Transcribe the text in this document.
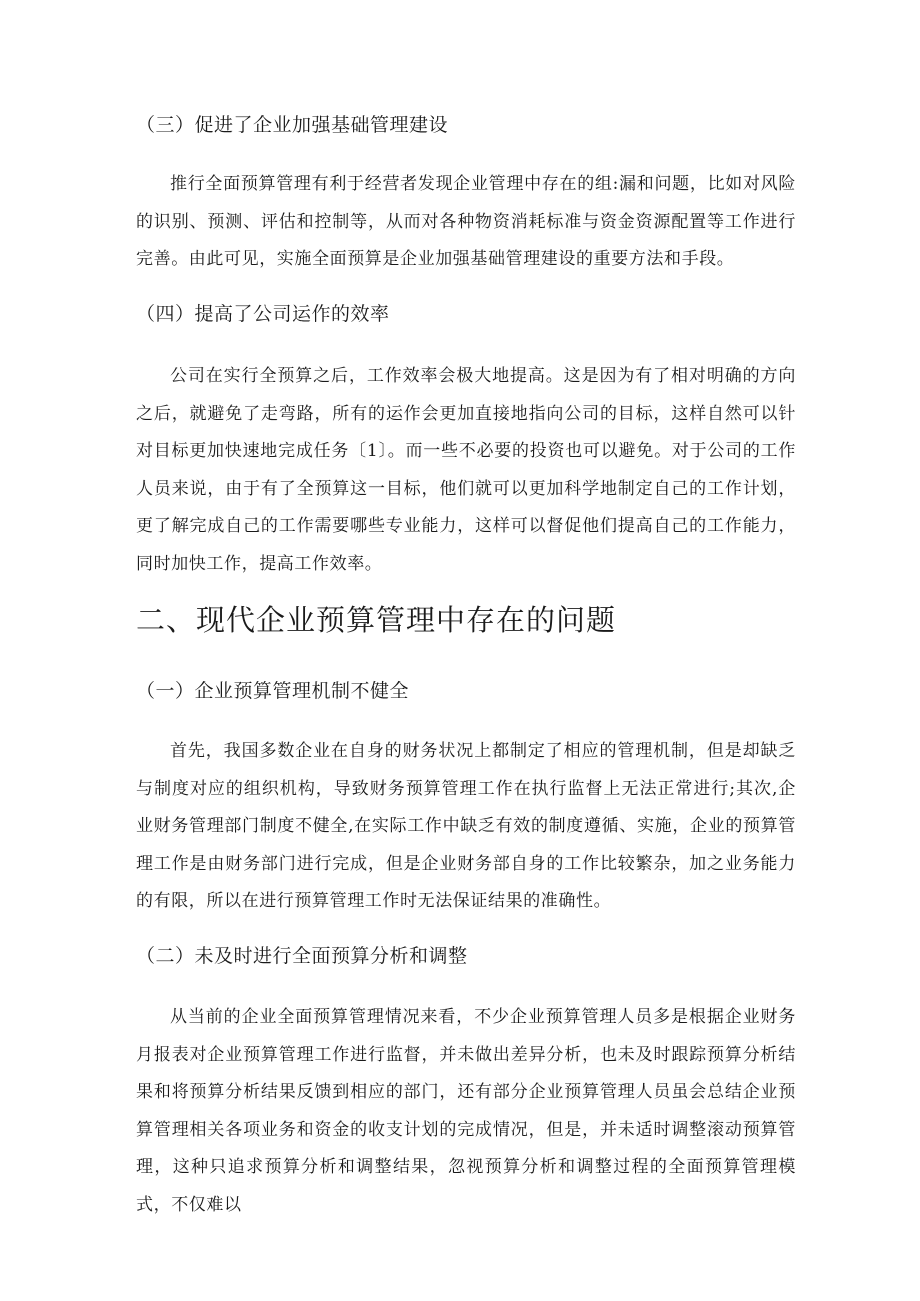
（三）促进了企业加强基础管理建设

推行全面预算管理有利于经营者发现企业管理中存在的组:漏和问题，比如对风险的识别、预测、评估和控制等，从而对各种物资消耗标准与资金资源配置等工作进行完善。由此可见，实施全面预算是企业加强基础管理建设的重要方法和手段。

（四）提高了公司运作的效率

公司在实行全预算之后，工作效率会极大地提高。这是因为有了相对明确的方向之后，就避免了走弯路，所有的运作会更加直接地指向公司的目标，这样自然可以针对目标更加快速地完成任务〔1〕。而一些不必要的投资也可以避免。对于公司的工作人员来说，由于有了全预算这一目标，他们就可以更加科学地制定自己的工作计划，更了解完成自己的工作需要哪些专业能力，这样可以督促他们提高自己的工作能力，同时加快工作，提高工作效率。

二、现代企业预算管理中存在的问题
（一）企业预算管理机制不健全

首先，我国多数企业在自身的财务状况上都制定了相应的管理机制，但是却缺乏与制度对应的组织机构，导致财务预算管理工作在执行监督上无法正常进行;其次,企业财务管理部门制度不健全,在实际工作中缺乏有效的制度遵循、实施，企业的预算管理工作是由财务部门进行完成，但是企业财务部自身的工作比较繁杂，加之业务能力的有限，所以在进行预算管理工作时无法保证结果的准确性。

（二）未及时进行全面预算分析和调整

从当前的企业全面预算管理情况来看，不少企业预算管理人员多是根据企业财务月报表对企业预算管理工作进行监督，并未做出差异分析，也未及时跟踪预算分析结果和将预算分析结果反馈到相应的部门，还有部分企业预算管理人员虽会总结企业预算管理相关各项业务和资金的收支计划的完成情况，但是，并未适时调整滚动预算管理，这种只追求预算分析和调整结果，忽视预算分析和调整过程的全面预算管理模式，不仅难以
